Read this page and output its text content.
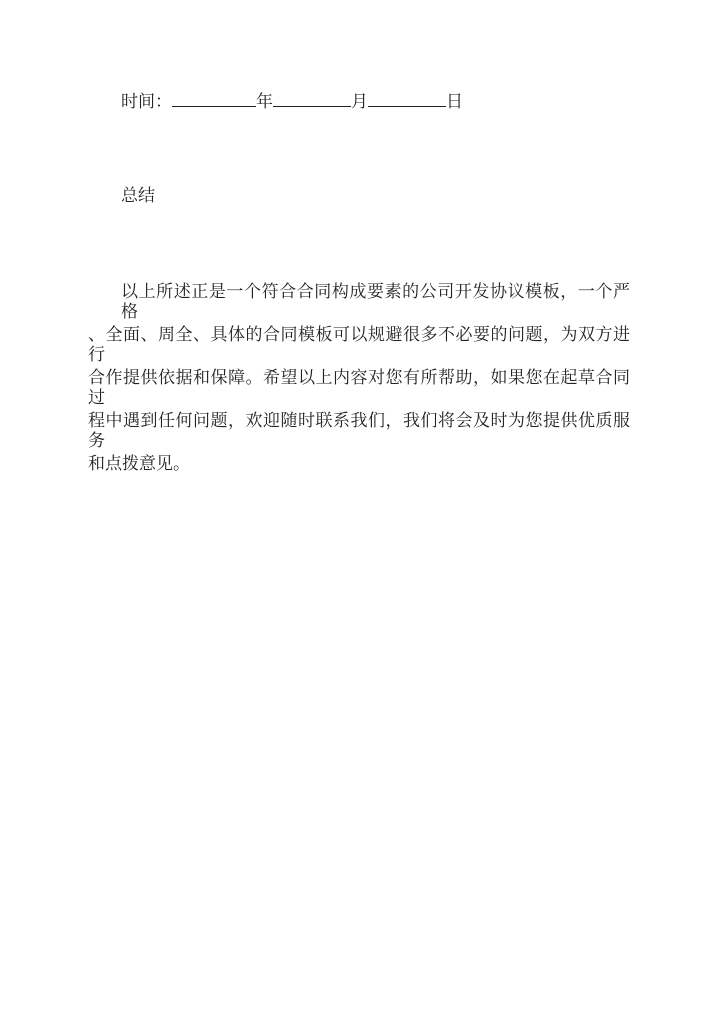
时间：	年	月	日
总结
以上所述正是一个符合合同构成要素的公司开发协议模板，一个严格
、全面、周全、具体的合同模板可以规避很多不必要的问题，为双方进行
合作提供依据和保障。希望以上内容对您有所帮助，如果您在起草合同过
程中遇到任何问题，欢迎随时联系我们，我们将会及时为您提供优质服务
和点拨意见。
